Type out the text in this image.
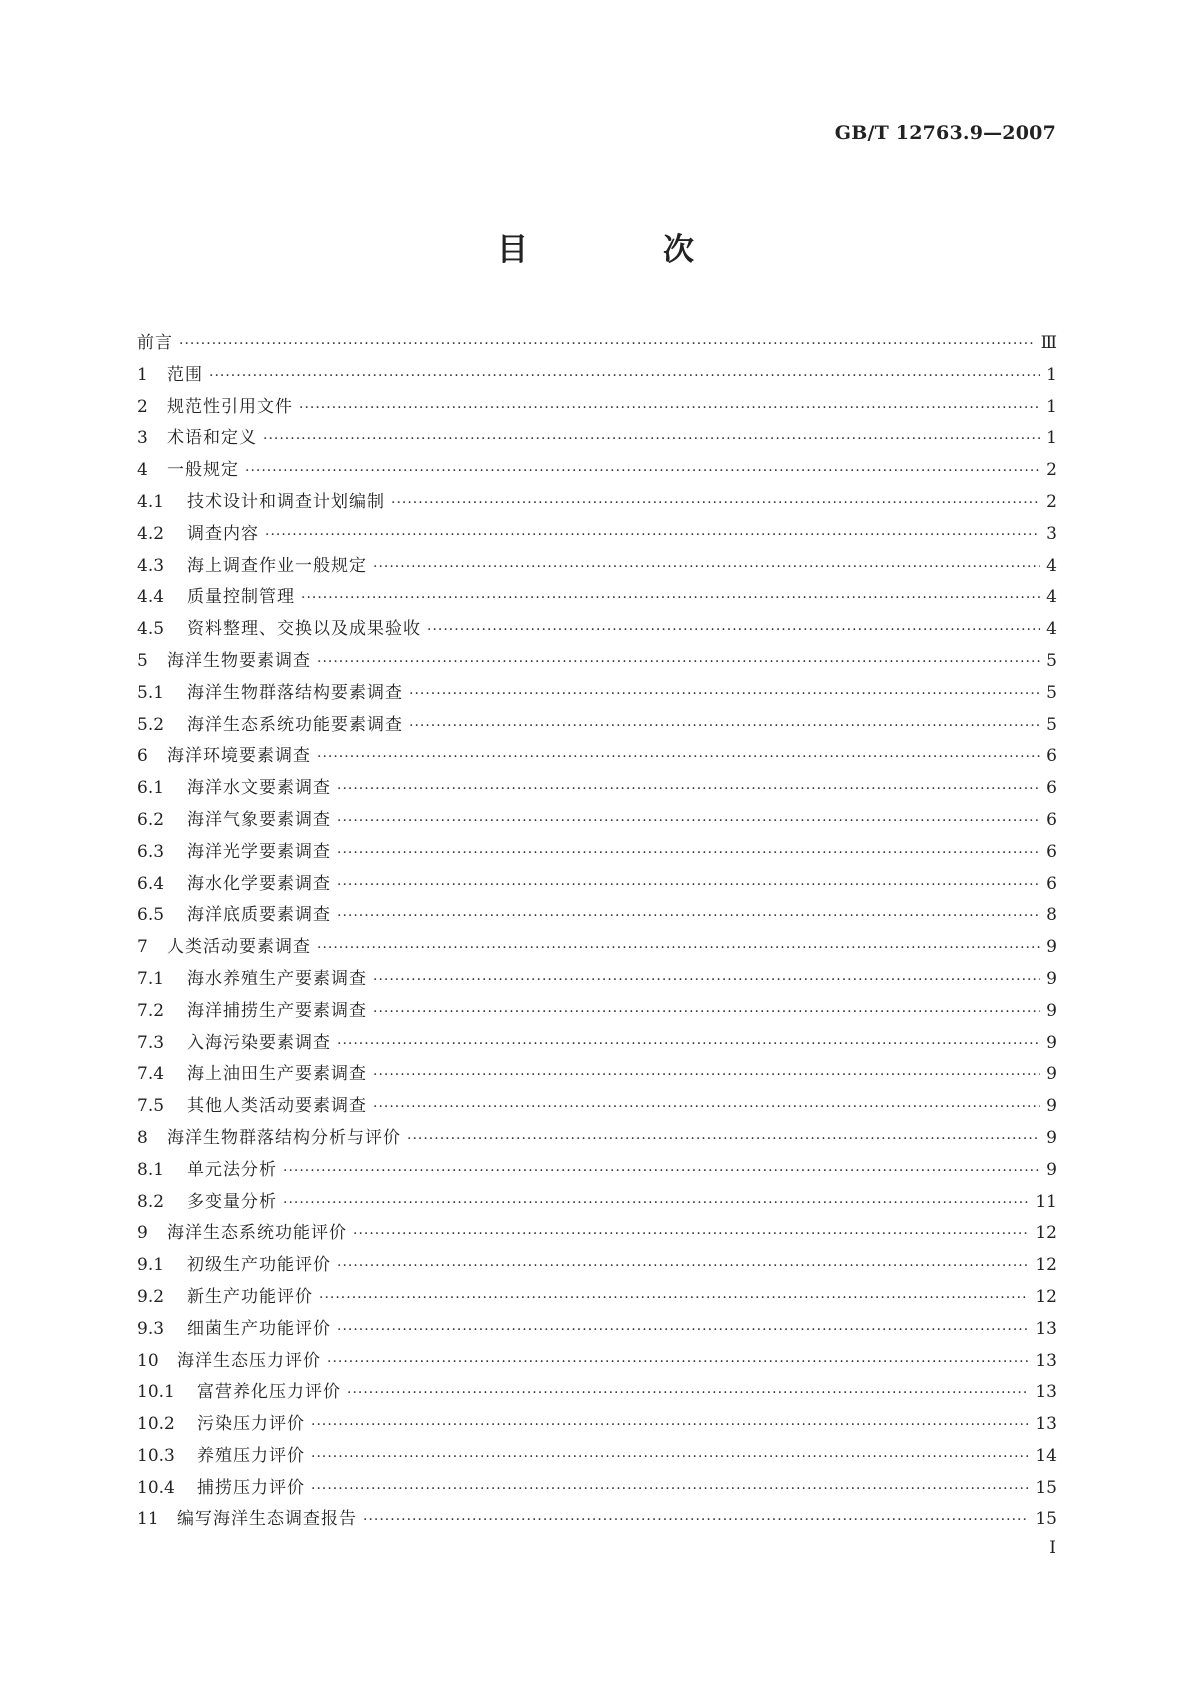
GB/T 12763.9—2007
目　次
前言 ·····	Ⅲ
1	范围 ·····	1
2	规范性引用文件 ·····	1
3	术语和定义 ·····	1
4	一般规定 ·····	2
4.1	技术设计和调查计划编制 ·····	2
4.2	调查内容 ·····	3
4.3	海上调查作业一般规定 ·····	4
4.4	质量控制管理 ·····	4
4.5	资料整理、交换以及成果验收 ·····	4
5	海洋生物要素调查 ·····	5
5.1	海洋生物群落结构要素调查 ·····	5
5.2	海洋生态系统功能要素调查 ·····	5
6	海洋环境要素调查 ·····	6
6.1	海洋水文要素调查 ·····	6
6.2	海洋气象要素调查 ·····	6
6.3	海洋光学要素调查 ·····	6
6.4	海水化学要素调查 ·····	6
6.5	海洋底质要素调查 ·····	8
7	人类活动要素调查 ·····	9
7.1	海水养殖生产要素调查 ·····	9
7.2	海洋捕捞生产要素调查 ·····	9
7.3	入海污染要素调查 ·····	9
7.4	海上油田生产要素调查 ·····	9
7.5	其他人类活动要素调查 ·····	9
8	海洋生物群落结构分析与评价 ·····	9
8.1	单元法分析 ·····	9
8.2	多变量分析 ·····	11
9	海洋生态系统功能评价 ·····	12
9.1	初级生产功能评价 ·····	12
9.2	新生产功能评价 ·····	12
9.3	细菌生产功能评价 ·····	13
10	海洋生态压力评价 ·····	13
10.1	富营养化压力评价 ·····	13
10.2	污染压力评价 ·····	13
10.3	养殖压力评价 ·····	14
10.4	捕捞压力评价 ·····	15
11	编写海洋生态调查报告 ·····	15
I
